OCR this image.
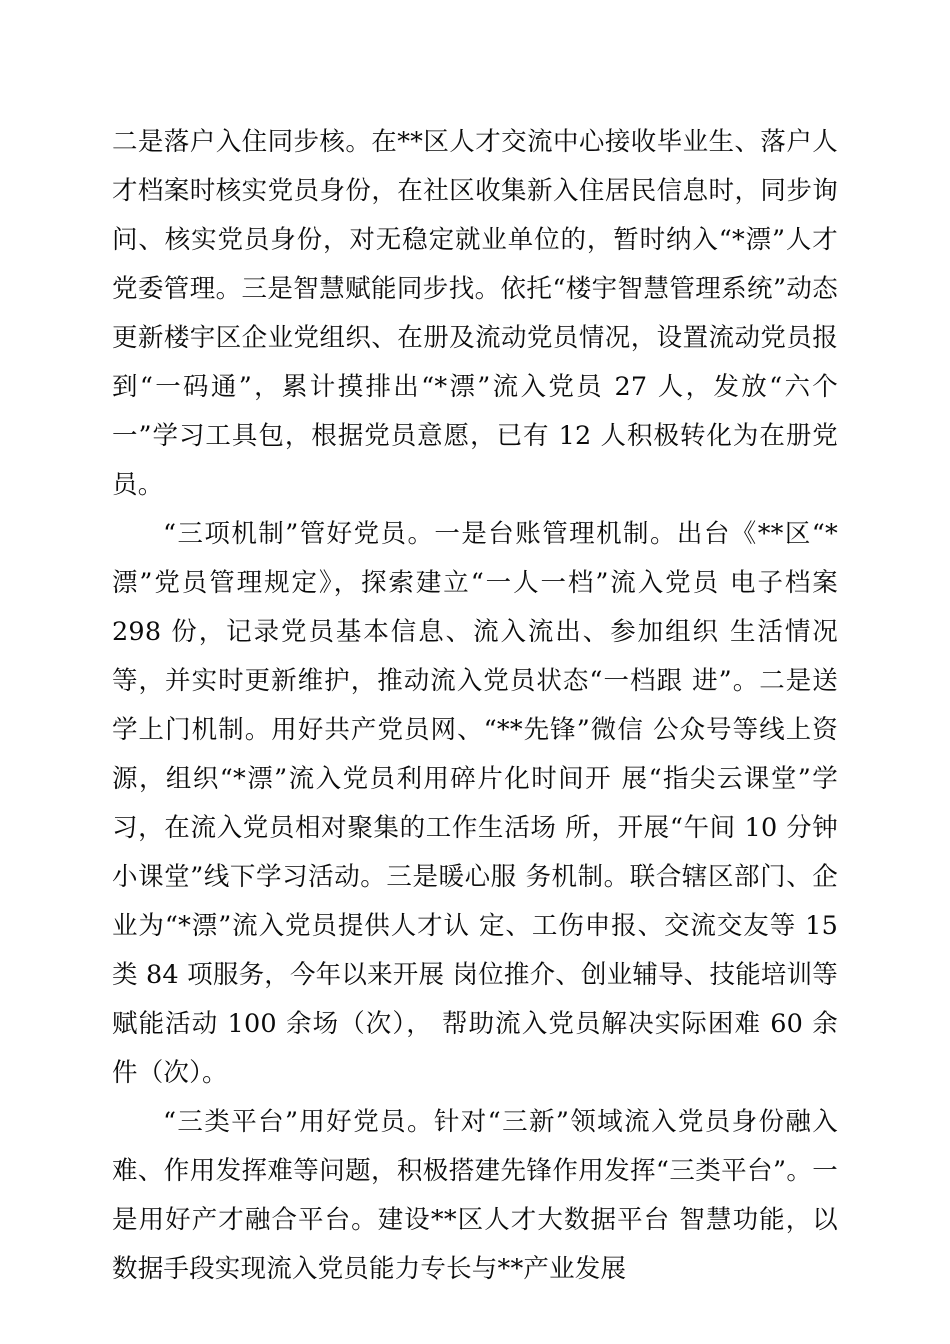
二是落户入住同步核。在**区人才交流中心接收毕业生、落户人才档案时核实党员身份，在社区收集新入住居民信息时，同步询问、核实党员身份，对无稳定就业单位的，暂时纳入“*漂”人才党委管理。三是智慧赋能同步找。依托“楼宇智慧管理系统”动态更新楼宇区企业党组织、在册及流动党员情况，设置流动党员报到“一码通”，累计摸排出“*漂”流入党员 27 人，发放“六个一”学习工具包，根据党员意愿，已有 12 人积极转化为在册党员。

“三项机制”管好党员。一是台账管理机制。出台《**区“*漂”党员管理规定》，探索建立“一人一档”流入党员 电子档案 298 份，记录党员基本信息、流入流出、参加组织 生活情况等，并实时更新维护，推动流入党员状态“一档跟 进”。二是送学上门机制。用好共产党员网、“**先锋”微信 公众号等线上资源，组织“*漂”流入党员利用碎片化时间开 展“指尖云课堂”学习，在流入党员相对聚集的工作生活场 所，开展“午间 10 分钟小课堂”线下学习活动。三是暖心服 务机制。联合辖区部门、企业为“*漂”流入党员提供人才认 定、工伤申报、交流交友等 15 类 84 项服务，今年以来开展 岗位推介、创业辅导、技能培训等赋能活动 100 余场（次）， 帮助流入党员解决实际困难 60 余件（次）。

“三类平台”用好党员。针对“三新”领域流入党员身份融入难、作用发挥难等问题，积极搭建先锋作用发挥“三类平台”。一是用好产才融合平台。建设**区人才大数据平台 智慧功能，以数据手段实现流入党员能力专长与**产业发展
